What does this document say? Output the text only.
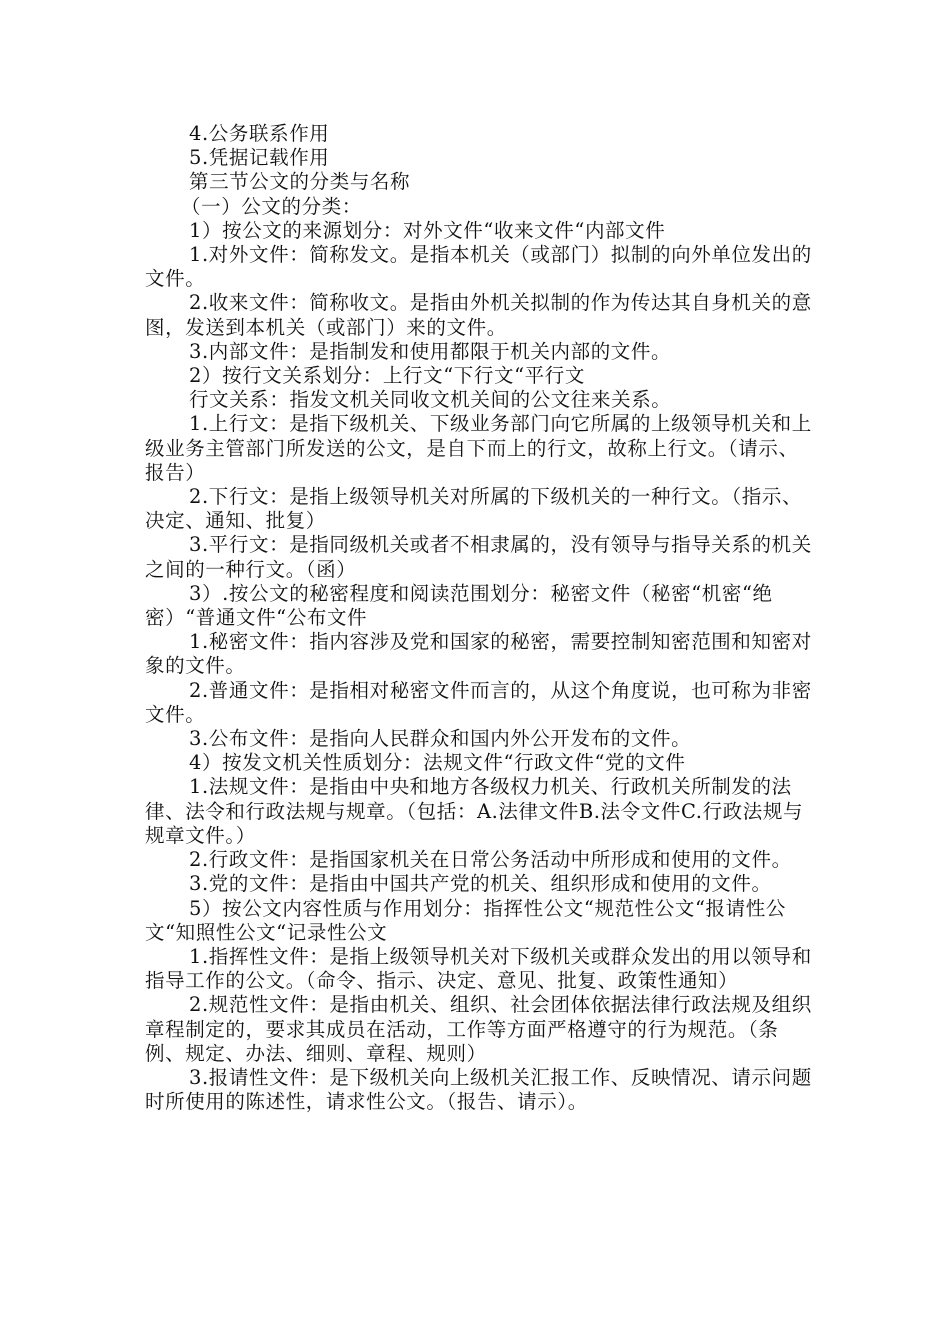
4.公务联系作用

5.凭据记载作用

第三节公文的分类与名称

（一）公文的分类：

1）按公文的来源划分：对外文件“收来文件“内部文件

1.对外文件：简称发文。是指本机关（或部门）拟制的向外单位发出的文件。

2.收来文件：简称收文。是指由外机关拟制的作为传达其自身机关的意图，发送到本机关（或部门）来的文件。

3.内部文件：是指制发和使用都限于机关内部的文件。

2）按行文关系划分：上行文“下行文“平行文

行文关系：指发文机关同收文机关间的公文往来关系。

1.上行文：是指下级机关、下级业务部门向它所属的上级领导机关和上级业务主管部门所发送的公文，是自下而上的行文，故称上行文。（请示、报告）

2.下行文：是指上级领导机关对所属的下级机关的一种行文。（指示、决定、通知、批复）

3.平行文：是指同级机关或者不相隶属的，没有领导与指导关系的机关之间的一种行文。（函）

3）.按公文的秘密程度和阅读范围划分：秘密文件（秘密“机密“绝密）“普通文件“公布文件

1.秘密文件：指内容涉及党和国家的秘密，需要控制知密范围和知密对象的文件。

2.普通文件：是指相对秘密文件而言的，从这个角度说，也可称为非密文件。

3.公布文件：是指向人民群众和国内外公开发布的文件。

4）按发文机关性质划分：法规文件“行政文件“党的文件

1.法规文件：是指由中央和地方各级权力机关、行政机关所制发的法律、法令和行政法规与规章。（包括：A.法律文件B.法令文件C.行政法规与规章文件。）

2.行政文件：是指国家机关在日常公务活动中所形成和使用的文件。

3.党的文件：是指由中国共产党的机关、组织形成和使用的文件。

5）按公文内容性质与作用划分：指挥性公文“规范性公文“报请性公文“知照性公文“记录性公文

1.指挥性文件：是指上级领导机关对下级机关或群众发出的用以领导和指导工作的公文。（命令、指示、决定、意见、批复、政策性通知）

2.规范性文件：是指由机关、组织、社会团体依据法律行政法规及组织章程制定的，要求其成员在活动，工作等方面严格遵守的行为规范。（条例、规定、办法、细则、章程、规则）

3.报请性文件：是下级机关向上级机关汇报工作、反映情况、请示问题时所使用的陈述性，请求性公文。（报告、请示）。
